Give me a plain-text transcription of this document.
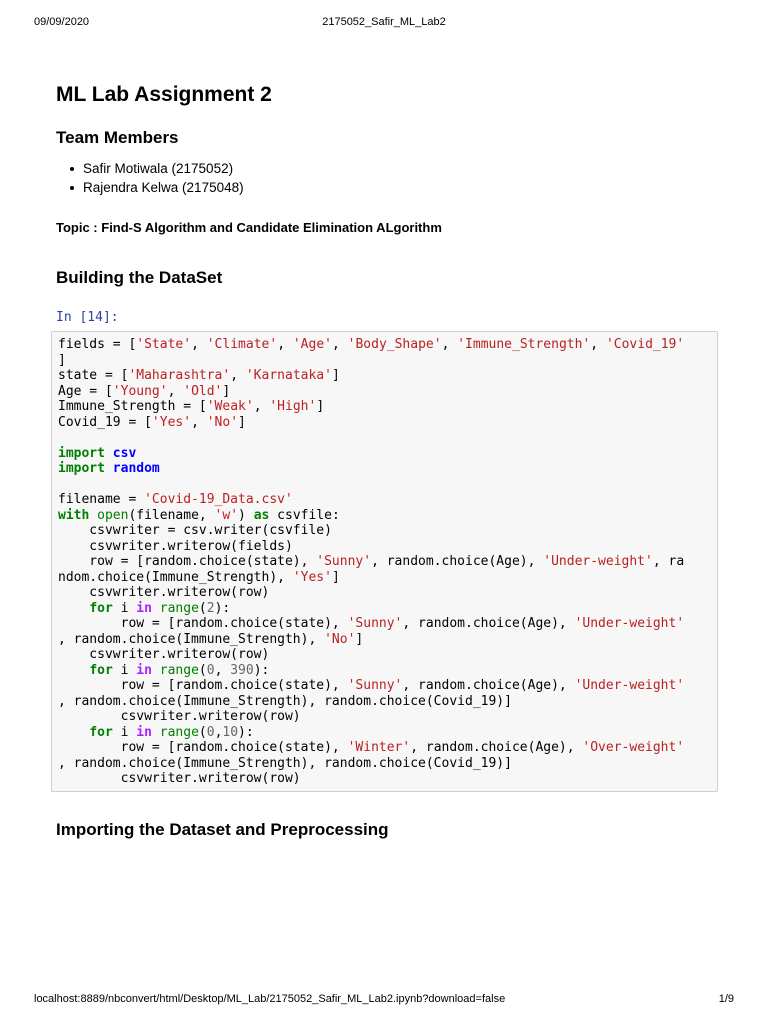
09/09/2020	2175052_Safir_ML_Lab2
ML Lab Assignment 2
Team Members
Safir Motiwala (2175052)
Rajendra Kelwa (2175048)
Topic : Find-S Algorithm and Candidate Elimination ALgorithm
Building the DataSet
In [14]:
fields = ['State', 'Climate', 'Age', 'Body_Shape', 'Immune_Strength', 'Covid_19'
]
state = ['Maharashtra', 'Karnataka']
Age = ['Young', 'Old']
Immune_Strength = ['Weak', 'High']
Covid_19 = ['Yes', 'No']

import csv
import random

filename = 'Covid-19_Data.csv'
with open(filename, 'w') as csvfile:
csvwriter = csv.writer(csvfile)
csvwriter.writerow(fields)
row = [random.choice(state), 'Sunny', random.choice(Age), 'Under-weight', ra
ndom.choice(Immune_Strength), 'Yes']
csvwriter.writerow(row)
for i in range(2):
row = [random.choice(state), 'Sunny', random.choice(Age), 'Under-weight'
, random.choice(Immune_Strength), 'No']
csvwriter.writerow(row)
for i in range(0, 390):
row = [random.choice(state), 'Sunny', random.choice(Age), 'Under-weight'
, random.choice(Immune_Strength), random.choice(Covid_19)]
csvwriter.writerow(row)
for i in range(0,10):
row = [random.choice(state), 'Winter', random.choice(Age), 'Over-weight'
, random.choice(Immune_Strength), random.choice(Covid_19)]
csvwriter.writerow(row)
Importing the Dataset and Preprocessing
localhost:8889/nbconvert/html/Desktop/ML_Lab/2175052_Safir_ML_Lab2.ipynb?download=false	1/9
